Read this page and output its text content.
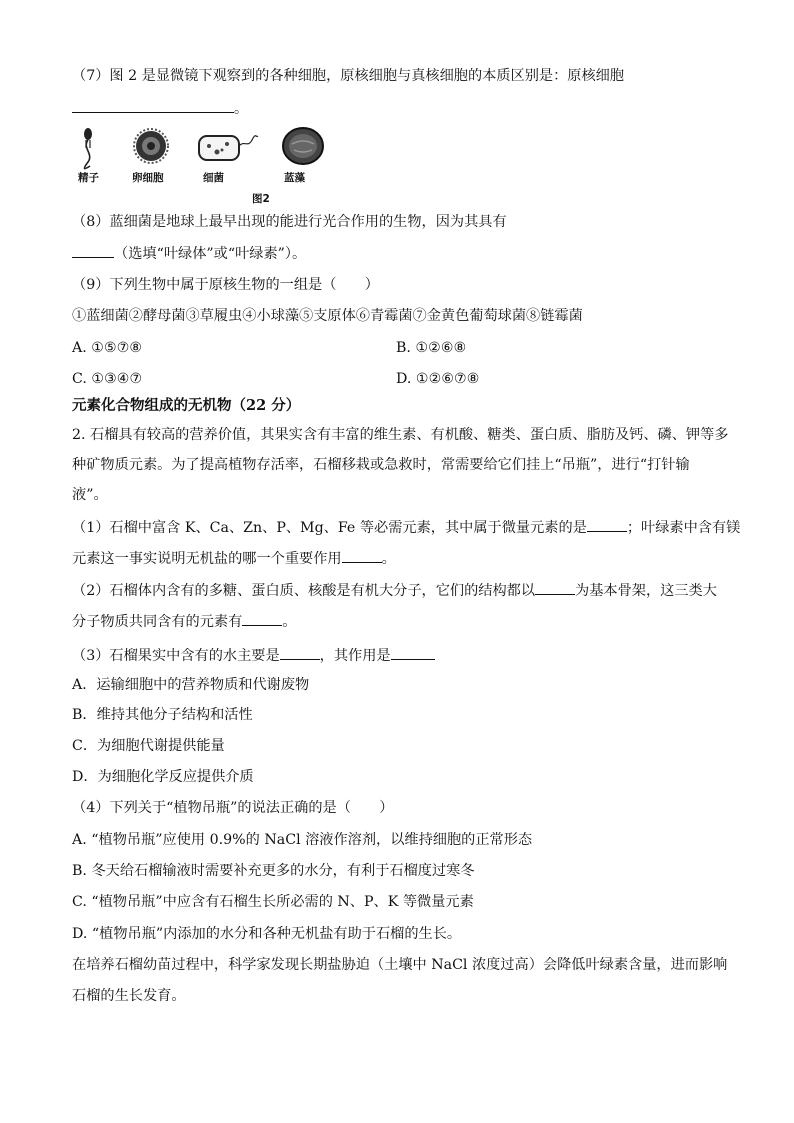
（7）图 2 是显微镜下观察到的各种细胞，原核细胞与真核细胞的本质区别是：原核细胞
。
精子	卵细胞	细菌	蓝藻
图2
（8）蓝细菌是地球上最早出现的能进行光合作用的生物，因为其具有
（选填“叶绿体”或“叶绿素”）。
（9）下列生物中属于原核生物的一组是（　　）
①蓝细菌②酵母菌③草履虫④小球藻⑤支原体⑥青霉菌⑦金黄色葡萄球菌⑧链霉菌
A. ①⑤⑦⑧	B. ①②⑥⑧
C. ①③④⑦	D. ①②⑥⑦⑧
元素化合物组成的无机物（22 分）
2. 石榴具有较高的营养价值，其果实含有丰富的维生素、有机酸、糖类、蛋白质、脂肪及钙、磷、钾等多
种矿物质元素。为了提高植物存活率，石榴移栽或急救时，常需要给它们挂上“吊瓶”，进行“打针输
液”。
（1）石榴中富含 K、Ca、Zn、P、Mg、Fe 等必需元素，其中属于微量元素的是	；叶绿素中含有镁
元素这一事实说明无机盐的哪一个重要作用	。
（2）石榴体内含有的多糖、蛋白质、核酸是有机大分子，它们的结构都以	为基本骨架，这三类大
分子物质共同含有的元素有	。
（3）石榴果实中含有的水主要是	，其作用是
A．运输细胞中的营养物质和代谢废物
B．维持其他分子结构和活性
C．为细胞代谢提供能量
D．为细胞化学反应提供介质
（4）下列关于“植物吊瓶”的说法正确的是（　　）
A. “植物吊瓶”应使用 0.9%的 NaCl 溶液作溶剂，以维持细胞的正常形态
B. 冬天给石榴输液时需要补充更多的水分，有利于石榴度过寒冬
C. “植物吊瓶”中应含有石榴生长所必需的 N、P、K 等微量元素
D. “植物吊瓶”内添加的水分和各种无机盐有助于石榴的生长。
在培养石榴幼苗过程中，科学家发现长期盐胁迫（土壤中 NaCl 浓度过高）会降低叶绿素含量，进而影响
石榴的生长发育。
